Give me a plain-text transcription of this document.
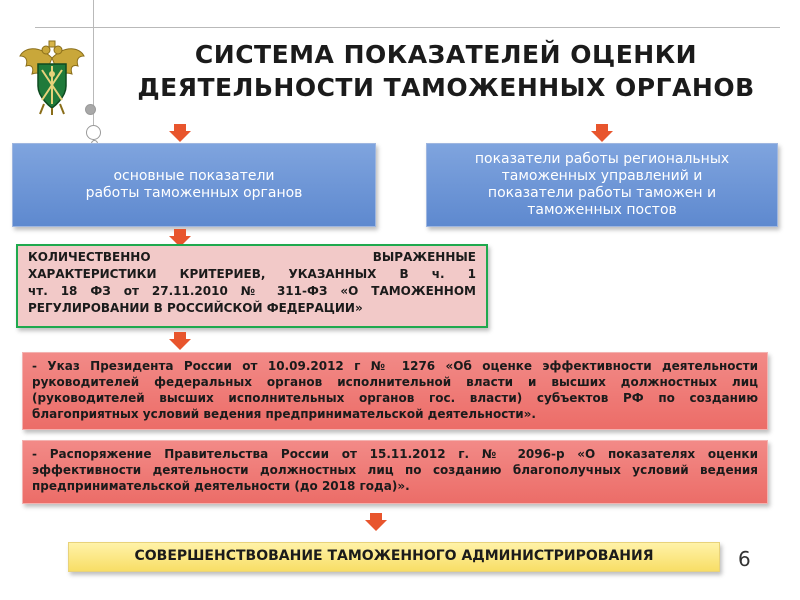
СИСТЕМА ПОКАЗАТЕЛЕЙ ОЦЕНКИ
ДЕЯТЕЛЬНОСТИ ТАМОЖЕННЫХ ОРГАНОВ
основные показатели
работы таможенных органов
показатели работы региональных
таможенных управлений и
показатели работы таможен и
таможенных постов
КОЛИЧЕСТВЕННО ВЫРАЖЕННЫЕ
ХАРАКТЕРИСТИКИ КРИТЕРИЕВ, УКАЗАННЫХ В ч. 1
чт. 18 ФЗ от 27.11.2010 № 311-ФЗ «О ТАМОЖЕННОМ
РЕГУЛИРОВАНИИ В РОССИЙСКОЙ ФЕДЕРАЦИИ»
- Указ Президента России от 10.09.2012 г № 1276 «Об оценке эффективности деятельности руководителей федеральных органов исполнительной власти и высших должностных лиц (руководителей высших исполнительных органов гос. власти) субъектов РФ по созданию благоприятных условий ведения предпринимательской деятельности».
- Распоряжение Правительства России от 15.11.2012 г. № 2096-р «О показателях оценки эффективности деятельности должностных лиц по созданию благополучных условий ведения предпринимательской деятельности (до 2018 года)».
СОВЕРШЕНСТВОВАНИЕ ТАМОЖЕННОГО АДМИНИСТРИРОВАНИЯ	6
